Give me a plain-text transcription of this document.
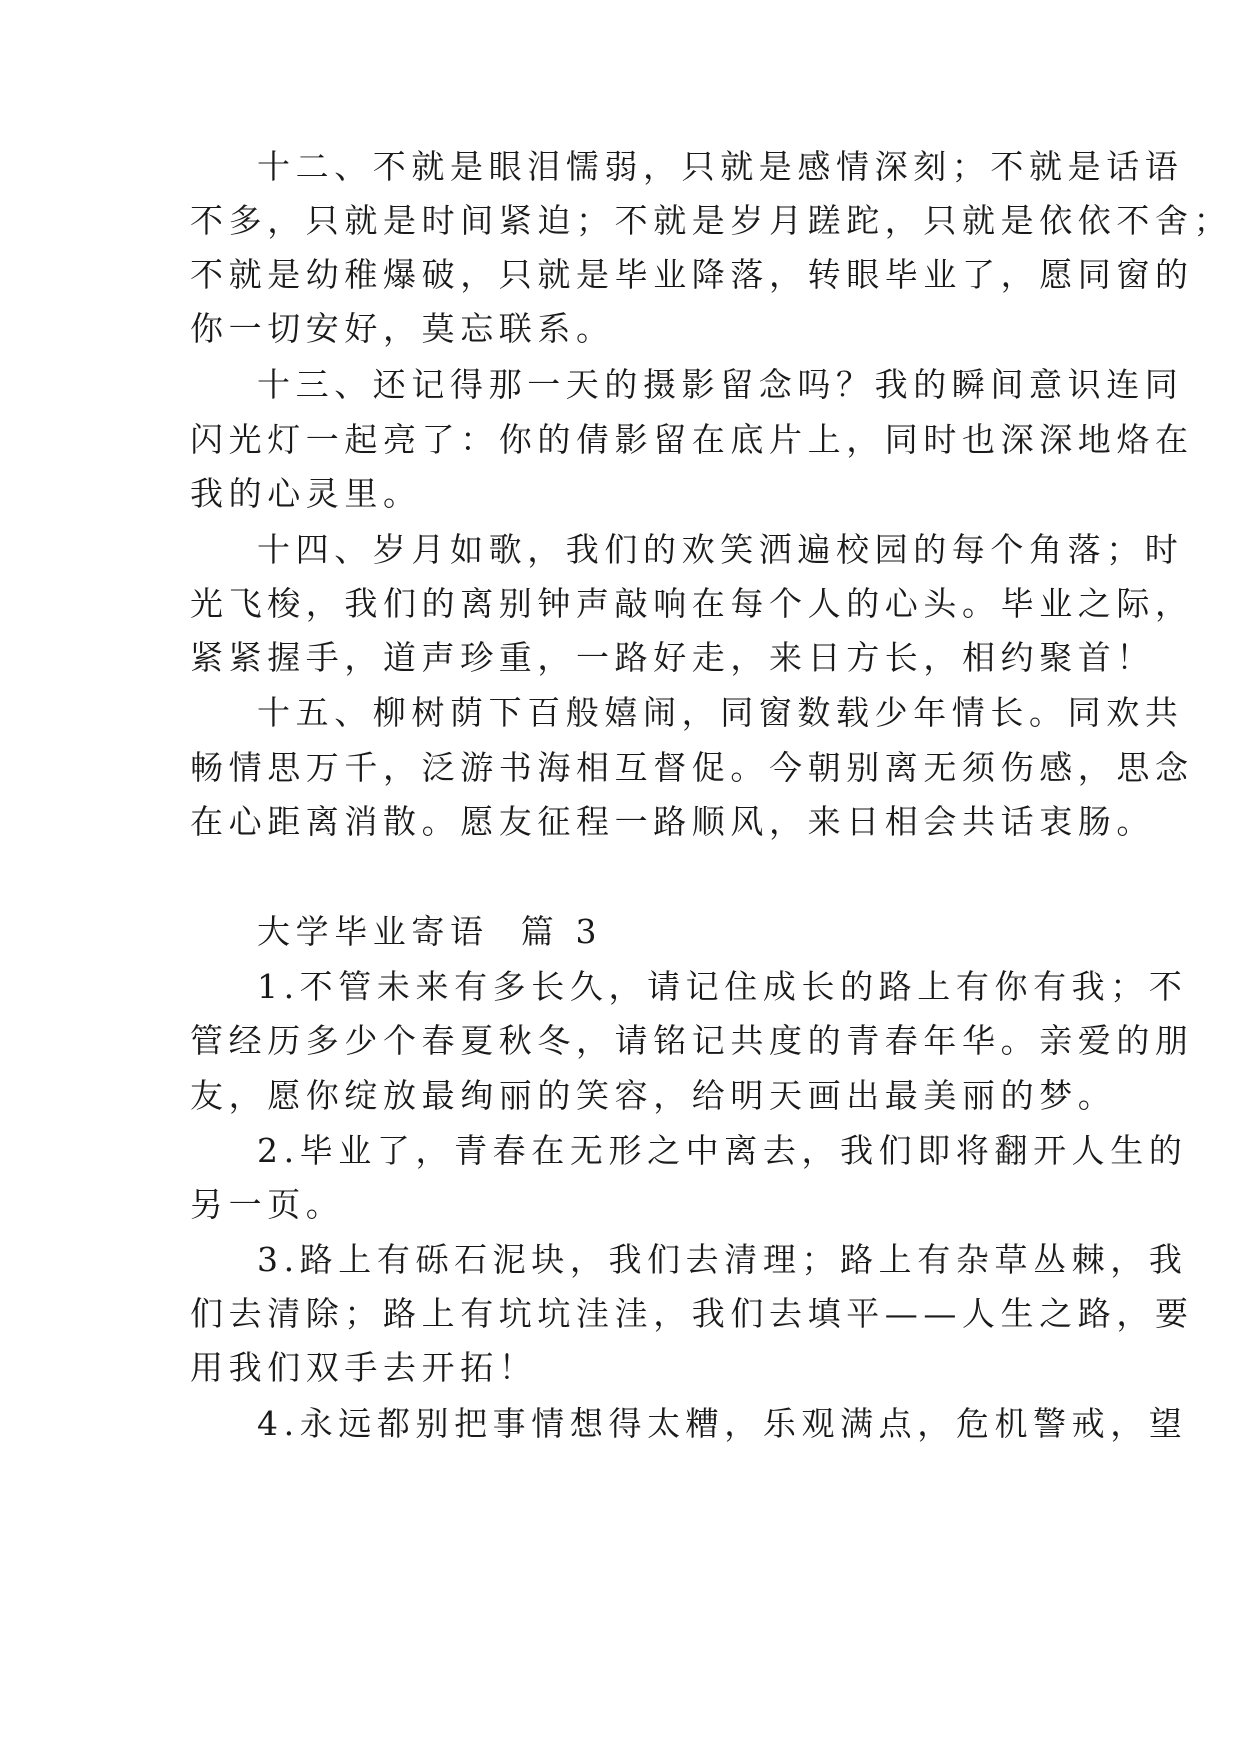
十二、不就是眼泪懦弱，只就是感情深刻；不就是话语
不多，只就是时间紧迫；不就是岁月蹉跎，只就是依依不舍；
不就是幼稚爆破，只就是毕业降落，转眼毕业了，愿同窗的
你一切安好，莫忘联系。
十三、还记得那一天的摄影留念吗？我的瞬间意识连同
闪光灯一起亮了：你的倩影留在底片上，同时也深深地烙在
我的心灵里。
十四、岁月如歌，我们的欢笑洒遍校园的每个角落；时
光飞梭，我们的离别钟声敲响在每个人的心头。毕业之际，
紧紧握手，道声珍重，一路好走，来日方长，相约聚首！
十五、柳树荫下百般嬉闹，同窗数载少年情长。同欢共
畅情思万千，泛游书海相互督促。今朝别离无须伤感，思念
在心距离消散。愿友征程一路顺风，来日相会共话衷肠。
大学毕业寄语  篇 3
1.不管未来有多长久，请记住成长的路上有你有我；不
管经历多少个春夏秋冬，请铭记共度的青春年华。亲爱的朋
友，愿你绽放最绚丽的笑容，给明天画出最美丽的梦。
2.毕业了，青春在无形之中离去，我们即将翻开人生的
另一页。
3.路上有砾石泥块，我们去清理；路上有杂草丛棘，我
们去清除；路上有坑坑洼洼，我们去填平——人生之路，要
用我们双手去开拓！
4.永远都别把事情想得太糟，乐观满点，危机警戒，望
